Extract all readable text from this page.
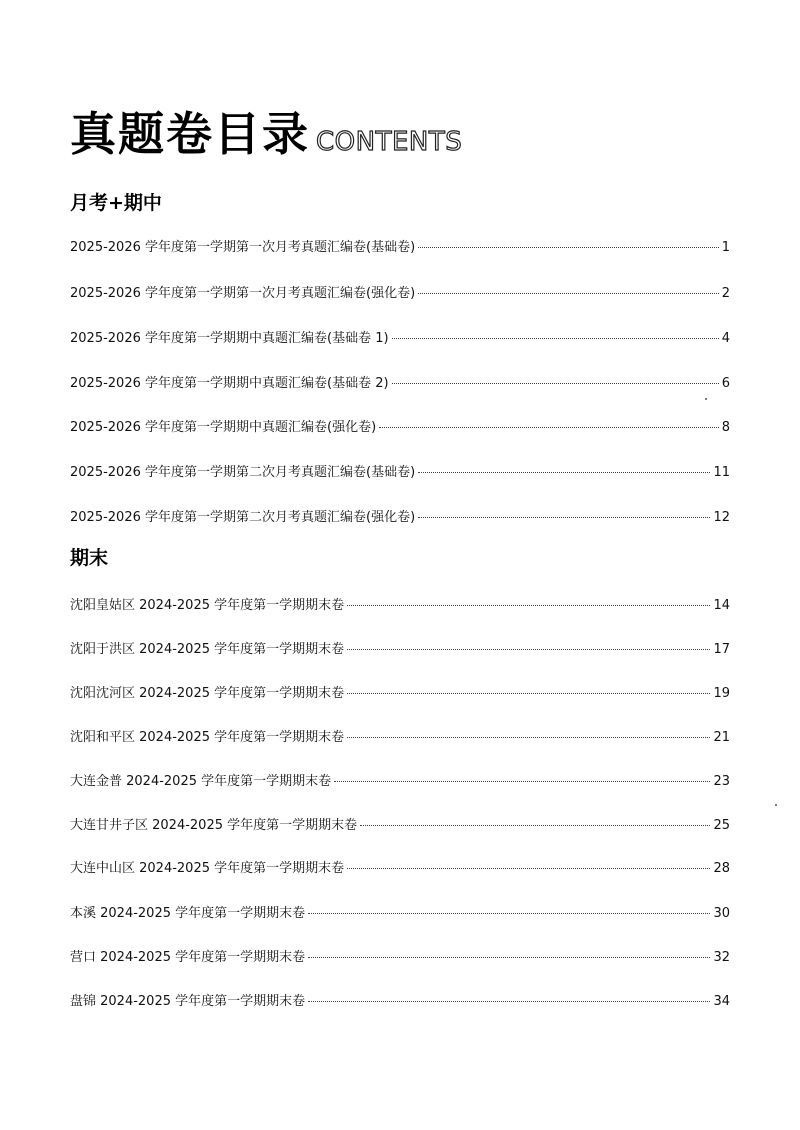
真题卷目录 CONTENTS
月考+期中
2025-2026 学年度第一学期第一次月考真题汇编卷(基础卷)	1
2025-2026 学年度第一学期第一次月考真题汇编卷(强化卷)	2
2025-2026 学年度第一学期期中真题汇编卷(基础卷 1)	4
2025-2026 学年度第一学期期中真题汇编卷(基础卷 2)	6
2025-2026 学年度第一学期期中真题汇编卷(强化卷)	8
2025-2026 学年度第一学期第二次月考真题汇编卷(基础卷)	11
2025-2026 学年度第一学期第二次月考真题汇编卷(强化卷)	12
期末
沈阳皇姑区 2024-2025 学年度第一学期期末卷	14
沈阳于洪区 2024-2025 学年度第一学期期末卷	17
沈阳沈河区 2024-2025 学年度第一学期期末卷	19
沈阳和平区 2024-2025 学年度第一学期期末卷	21
大连金普 2024-2025 学年度第一学期期末卷	23
大连甘井子区 2024-2025 学年度第一学期期末卷	25
大连中山区 2024-2025 学年度第一学期期末卷	28
本溪 2024-2025 学年度第一学期期末卷	30
营口 2024-2025 学年度第一学期期末卷	32
盘锦 2024-2025 学年度第一学期期末卷	34
